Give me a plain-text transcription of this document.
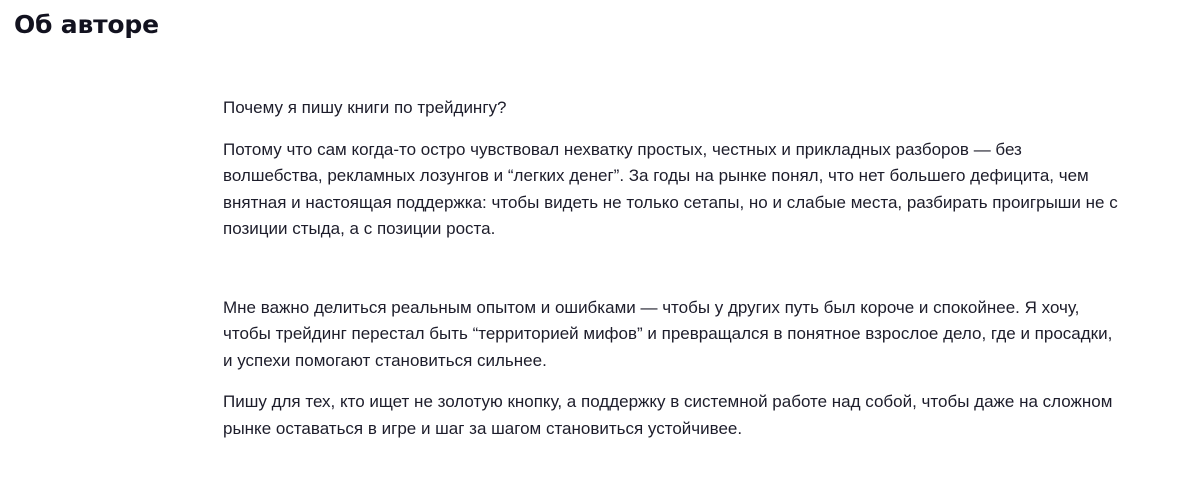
Об авторе

Почему я пишу книги по трейдингу?

Потому что сам когда-то остро чувствовал нехватку простых, честных и прикладных разборов — без волшебства, рекламных лозунгов и “легких денег”. За годы на рынке понял, что нет большего дефицита, чем внятная и настоящая поддержка: чтобы видеть не только сетапы, но и слабые места, разбирать проигрыши не с позиции стыда, а с позиции роста.

Мне важно делиться реальным опытом и ошибками — чтобы у других путь был короче и спокойнее. Я хочу, чтобы трейдинг перестал быть “территорией мифов” и превращался в понятное взрослое дело, где и просадки, и успехи помогают становиться сильнее.

Пишу для тех, кто ищет не золотую кнопку, а поддержку в системной работе над собой, чтобы даже на сложном рынке оставаться в игре и шаг за шагом становиться устойчивее.
